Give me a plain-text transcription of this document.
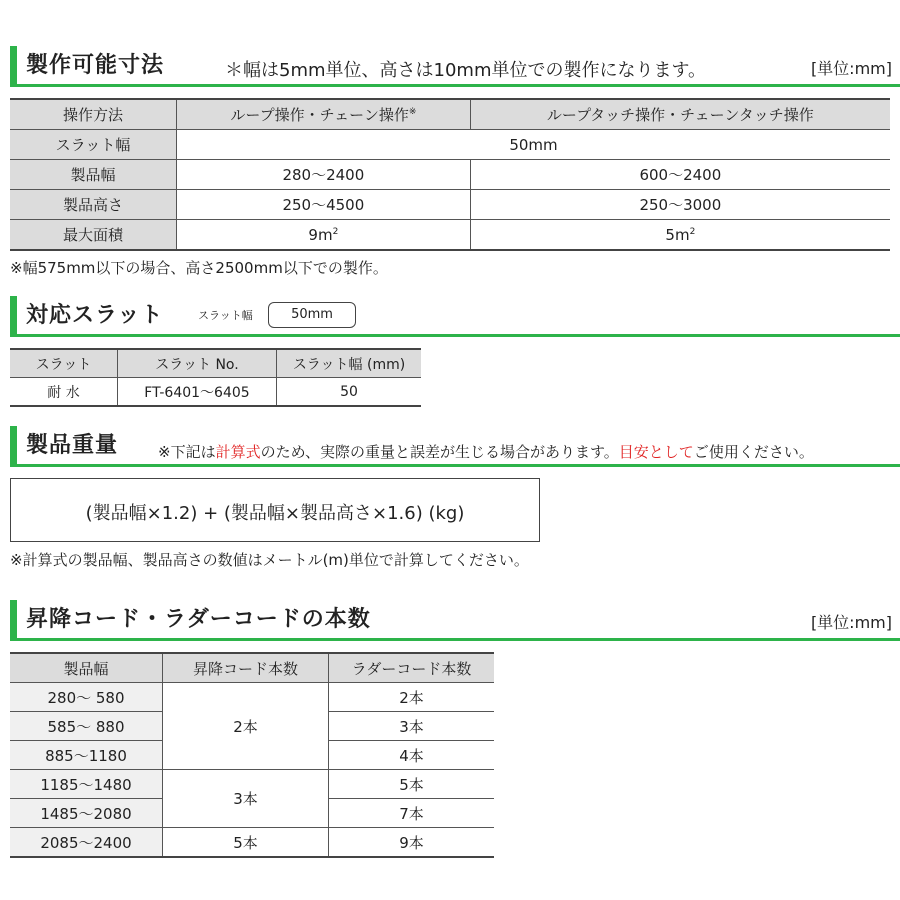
製作可能寸法	＊幅は5mm単位、高さは10mm単位での製作になります。	[単位:mm]
操作方法	ループ操作・チェーン操作※	ループタッチ操作・チェーンタッチ操作
スラット幅	50mm	
製品幅	280～2400	600～2400
製品高さ	250～4500	250～3000
最大面積	$9m^2$	$5m^2$
※幅575mm以下の場合、高さ2500mm以下での製作。
対応スラット	スラット幅	50mm
スラット	スラット No.	スラット幅 (mm)
耐 水	FT-6401～6405	50
製品重量	※下記は計算式のため、実際の重量と誤差が生じる場合があります。目安としてご使用ください。
(製品幅×1.2) + (製品幅×製品高さ×1.6) (kg)
※計算式の製品幅、製品高さの数値はメートル(m)単位で計算してください。
昇降コード・ラダーコードの本数	[単位:mm]
製品幅	昇降コード本数	ラダーコード本数
280～ 580	2本	2本
585～ 880		3本
885～1180		4本
1185～1480	3本	5本
1485～2080		7本
2085～2400	5本	9本
